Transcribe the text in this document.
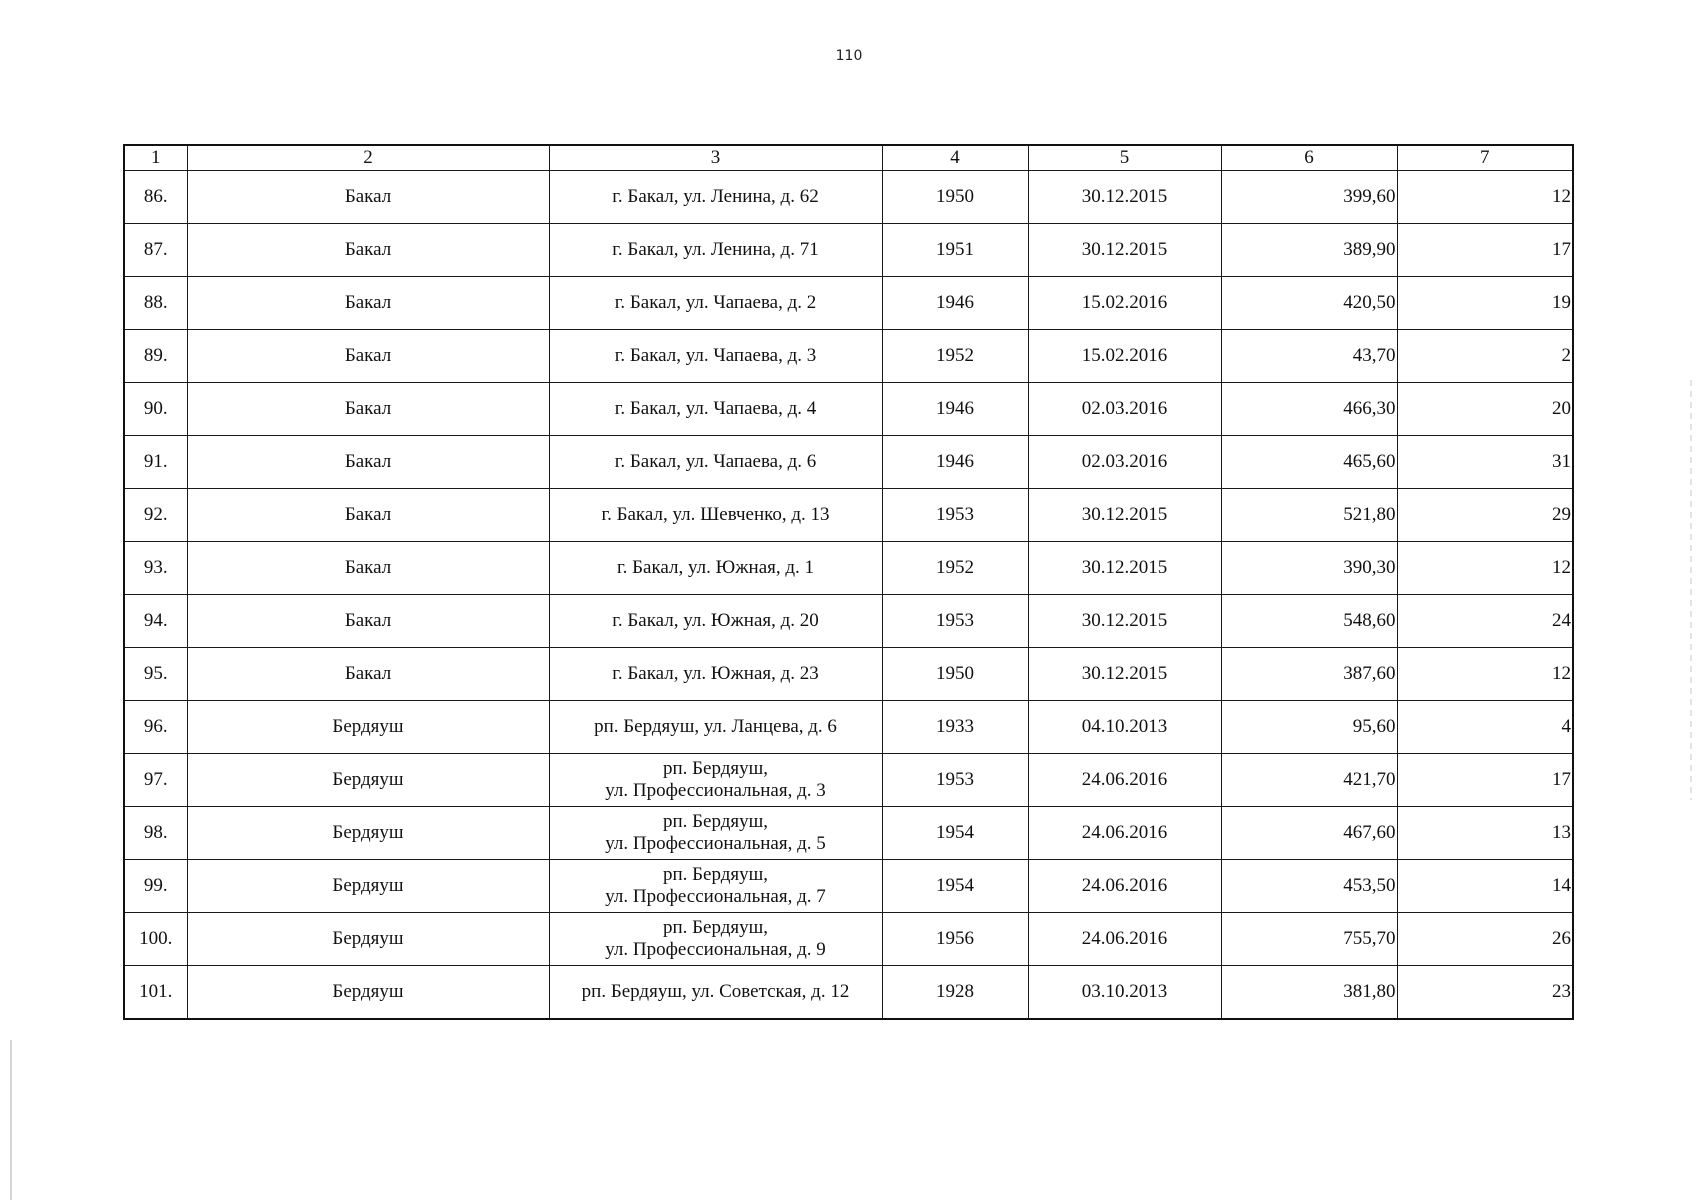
110
1	2	3	4	5	6	7
86.	Бакал	г. Бакал, ул. Ленина, д. 62	1950	30.12.2015	399,60	12
87.	Бакал	г. Бакал, ул. Ленина, д. 71	1951	30.12.2015	389,90	17
88.	Бакал	г. Бакал, ул. Чапаева, д. 2	1946	15.02.2016	420,50	19
89.	Бакал	г. Бакал, ул. Чапаева, д. 3	1952	15.02.2016	43,70	2
90.	Бакал	г. Бакал, ул. Чапаева, д. 4	1946	02.03.2016	466,30	20
91.	Бакал	г. Бакал, ул. Чапаева, д. 6	1946	02.03.2016	465,60	31
92.	Бакал	г. Бакал, ул. Шевченко, д. 13	1953	30.12.2015	521,80	29
93.	Бакал	г. Бакал, ул. Южная, д. 1	1952	30.12.2015	390,30	12
94.	Бакал	г. Бакал, ул. Южная, д. 20	1953	30.12.2015	548,60	24
95.	Бакал	г. Бакал, ул. Южная, д. 23	1950	30.12.2015	387,60	12
96.	Бердяуш	рп. Бердяуш, ул. Ланцева, д. 6	1933	04.10.2013	95,60	4
97.	Бердяуш	рп. Бердяуш,
ул. Профессиональная, д. 3	1953	24.06.2016	421,70	17
98.	Бердяуш	рп. Бердяуш,
ул. Профессиональная, д. 5	1954	24.06.2016	467,60	13
99.	Бердяуш	рп. Бердяуш,
ул. Профессиональная, д. 7	1954	24.06.2016	453,50	14
100.	Бердяуш	рп. Бердяуш,
ул. Профессиональная, д. 9	1956	24.06.2016	755,70	26
101.	Бердяуш	рп. Бердяуш, ул. Советская, д. 12	1928	03.10.2013	381,80	23
